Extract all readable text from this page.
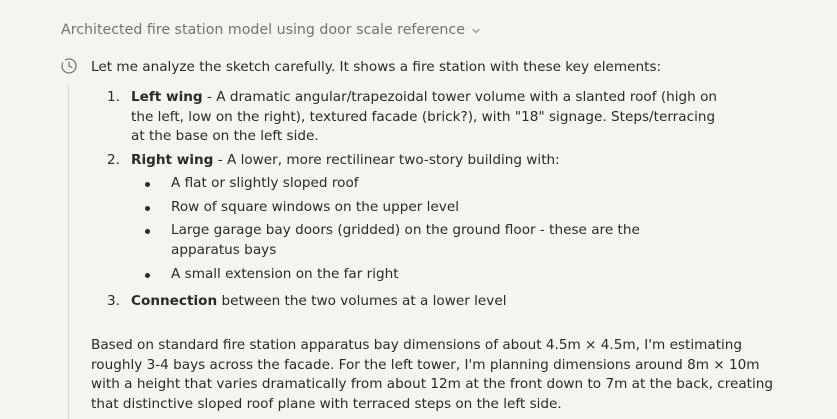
Architected fire station model using door scale reference
Let me analyze the sketch carefully. It shows a fire station with these key elements:
1. Left wing - A dramatic angular/trapezoidal tower volume with a slanted roof (high on the left, low on the right), textured facade (brick?), with "18" signage. Steps/terracing at the base on the left side.
2. Right wing - A lower, more rectilinear two-story building with:
A flat or slightly sloped roof
Row of square windows on the upper level
Large garage bay doors (gridded) on the ground floor - these are the apparatus bays
A small extension on the far right
3. Connection between the two volumes at a lower level
Based on standard fire station apparatus bay dimensions of about 4.5m × 4.5m, I'm estimating roughly 3-4 bays across the facade. For the left tower, I'm planning dimensions around 8m × 10m with a height that varies dramatically from about 12m at the front down to 7m at the back, creating that distinctive sloped roof plane with terraced steps on the left side.
